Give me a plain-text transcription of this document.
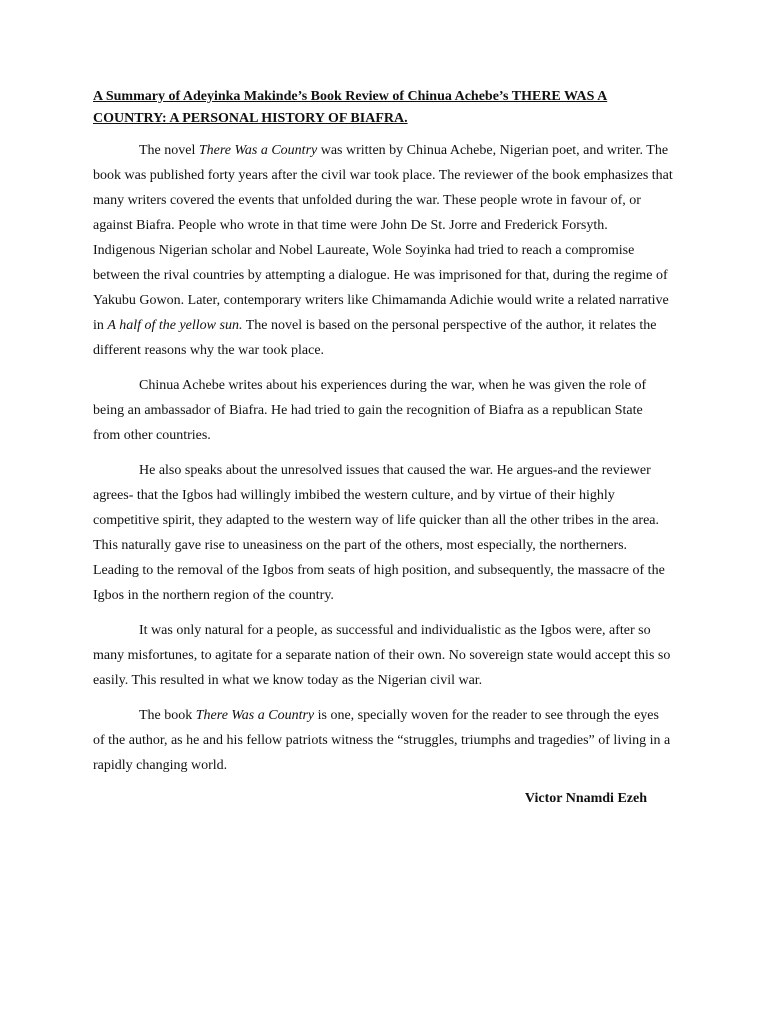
A Summary of Adeyinka Makinde’s Book Review of Chinua Achebe’s THERE WAS A COUNTRY: A PERSONAL HISTORY OF BIAFRA.

The novel There Was a Country was written by Chinua Achebe, Nigerian poet, and writer. The book was published forty years after the civil war took place. The reviewer of the book emphasizes that many writers covered the events that unfolded during the war. These people wrote in favour of, or against Biafra. People who wrote in that time were John De St. Jorre and Frederick Forsyth. Indigenous Nigerian scholar and Nobel Laureate, Wole Soyinka had tried to reach a compromise between the rival countries by attempting a dialogue. He was imprisoned for that, during the regime of Yakubu Gowon. Later, contemporary writers like Chimamanda Adichie would write a related narrative in A half of the yellow sun. The novel is based on the personal perspective of the author, it relates the different reasons why the war took place.

Chinua Achebe writes about his experiences during the war, when he was given the role of being an ambassador of Biafra. He had tried to gain the recognition of Biafra as a republican State from other countries.

He also speaks about the unresolved issues that caused the war. He argues-and the reviewer agrees- that the Igbos had willingly imbibed the western culture, and by virtue of their highly competitive spirit, they adapted to the western way of life quicker than all the other tribes in the area. This naturally gave rise to uneasiness on the part of the others, most especially, the northerners. Leading to the removal of the Igbos from seats of high position, and subsequently, the massacre of the Igbos in the northern region of the country.

It was only natural for a people, as successful and individualistic as the Igbos were, after so many misfortunes, to agitate for a separate nation of their own. No sovereign state would accept this so easily. This resulted in what we know today as the Nigerian civil war.

The book There Was a Country is one, specially woven for the reader to see through the eyes of the author, as he and his fellow patriots witness the “struggles, triumphs and tragedies” of living in a rapidly changing world.

Victor Nnamdi Ezeh
